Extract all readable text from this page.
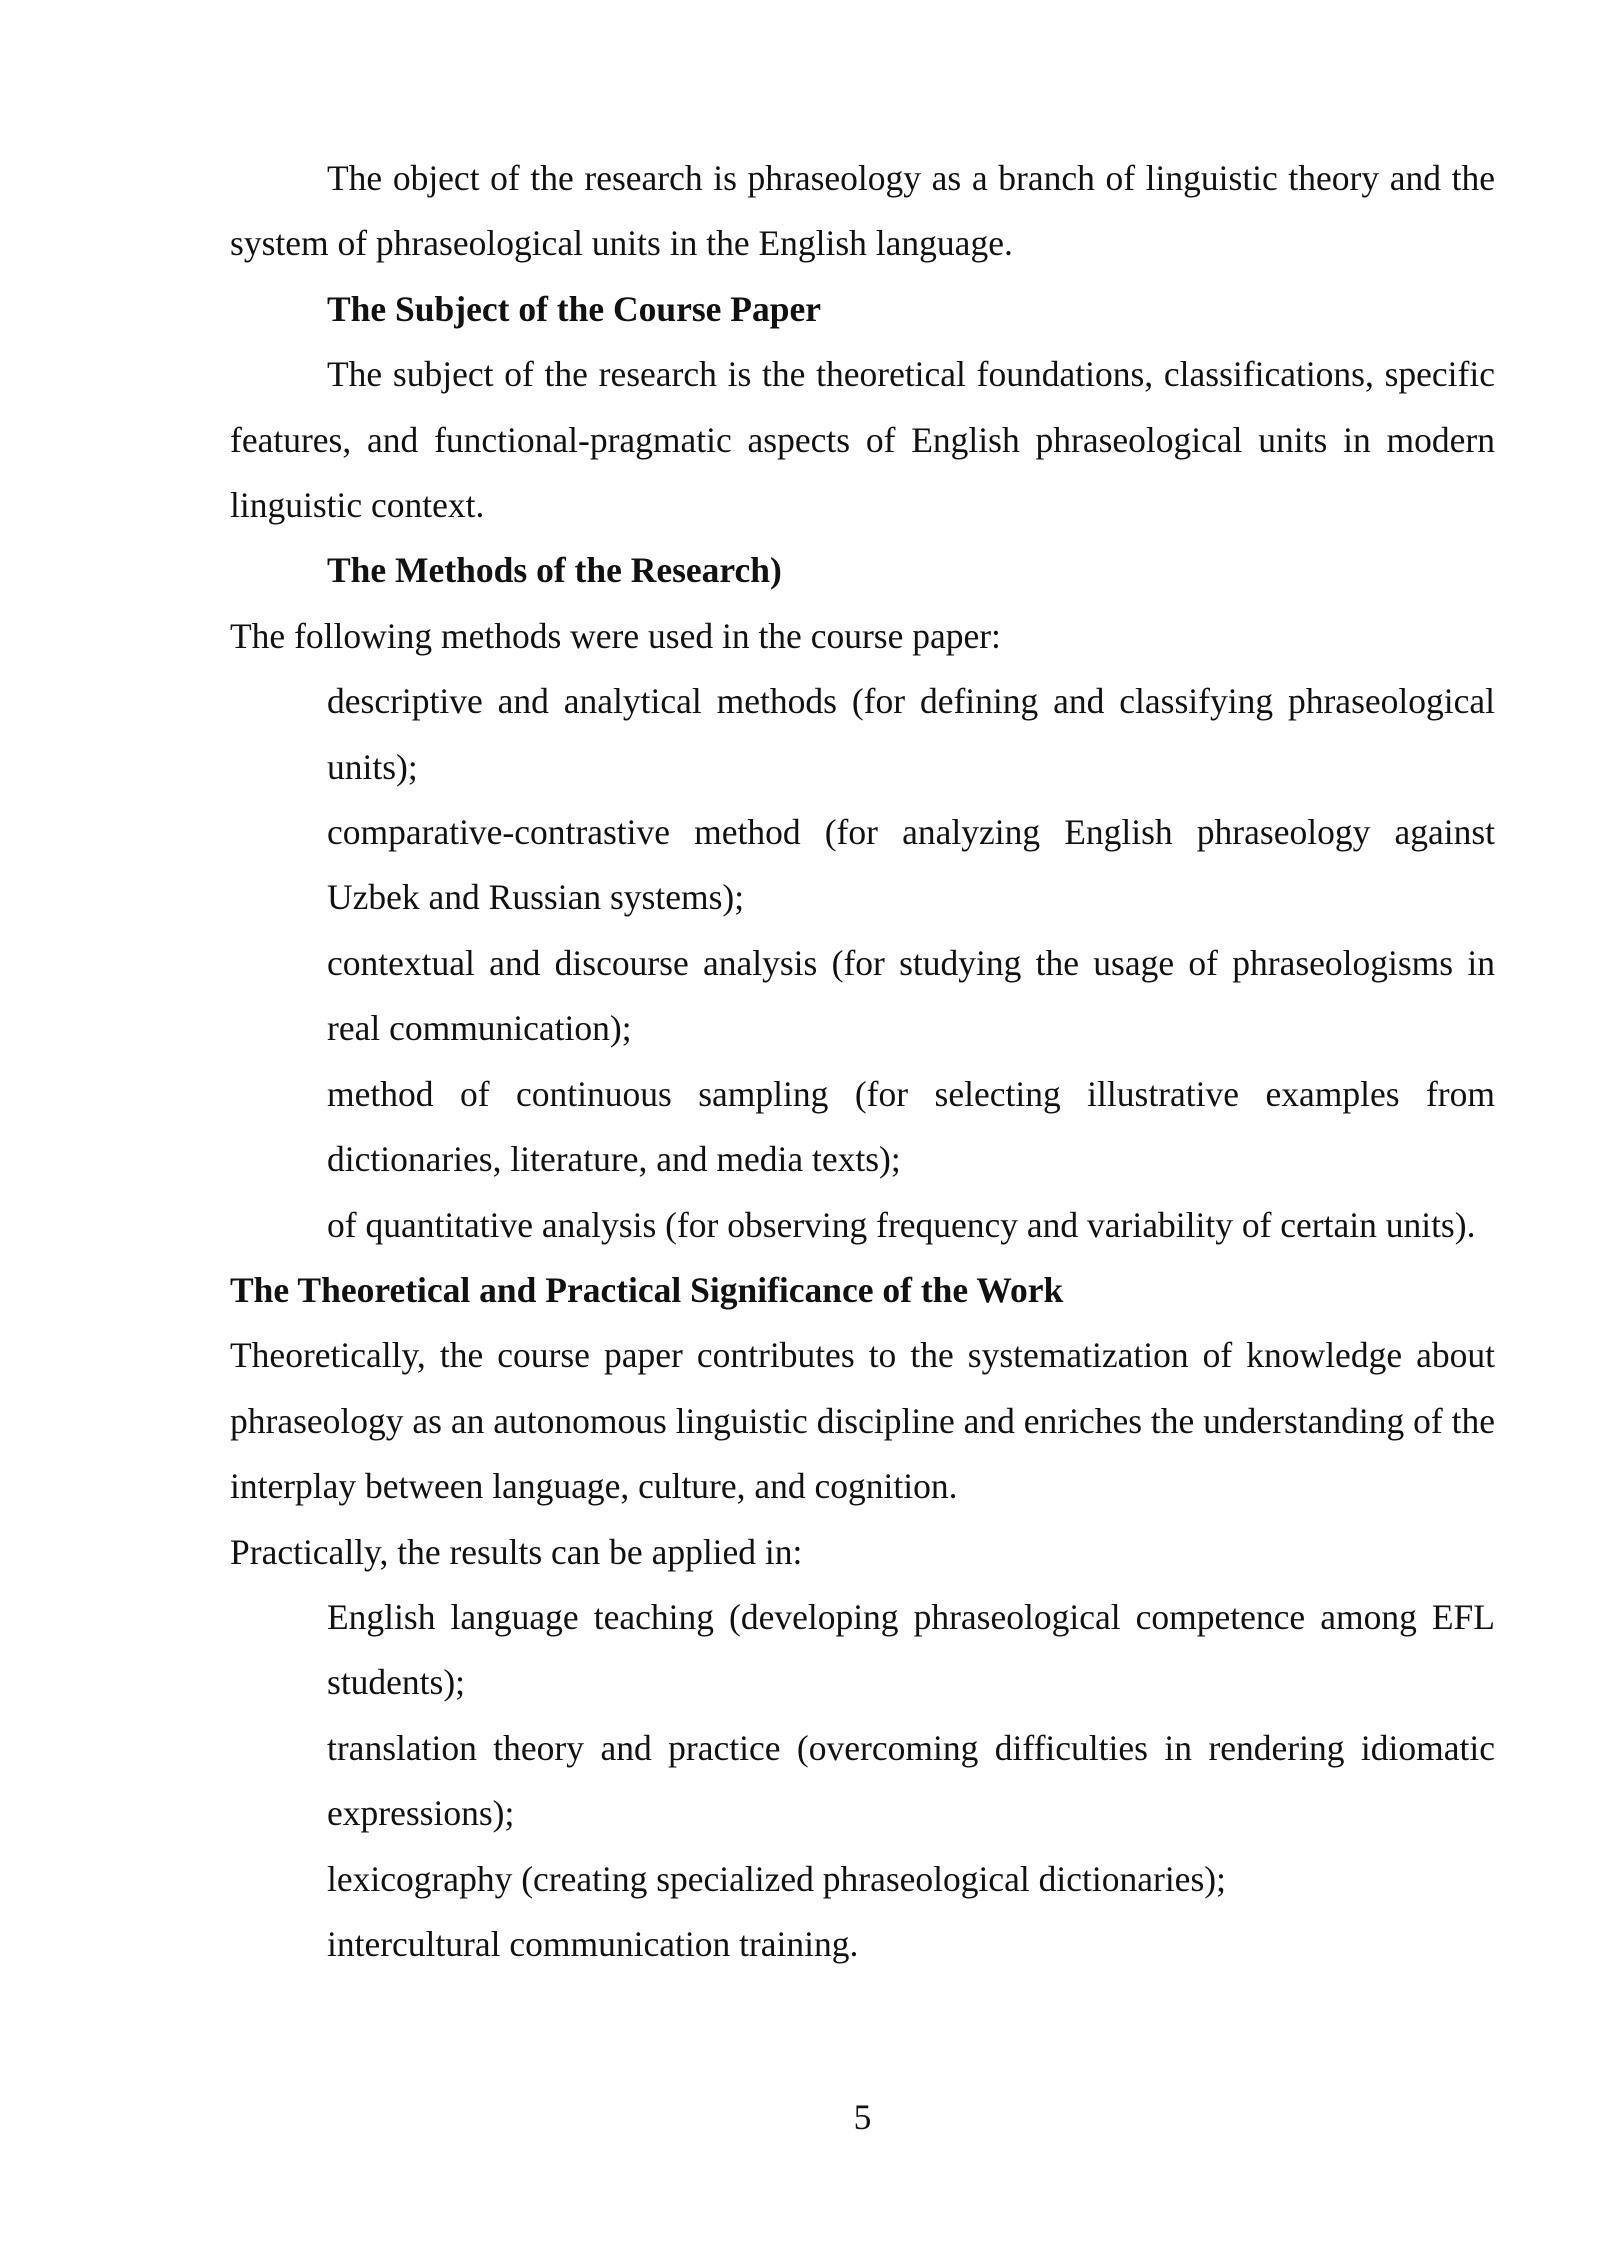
The object of the research is phraseology as a branch of linguistic theory and the system of phraseological units in the English language.

The Subject of the Course Paper

The subject of the research is the theoretical foundations, classifications, specific features, and functional-pragmatic aspects of English phraseological units in modern linguistic context.

The Methods of the Research)

The following methods were used in the course paper:

descriptive and analytical methods (for defining and classifying phraseological units);
comparative-contrastive method (for analyzing English phraseology against Uzbek and Russian systems);
contextual and discourse analysis (for studying the usage of phraseologisms in real communication);
method of continuous sampling (for selecting illustrative examples from dictionaries, literature, and media texts);
of quantitative analysis (for observing frequency and variability of certain units).

The Theoretical and Practical Significance of the Work

Theoretically, the course paper contributes to the systematization of knowledge about phraseology as an autonomous linguistic discipline and enriches the understanding of the interplay between language, culture, and cognition.

Practically, the results can be applied in:

English language teaching (developing phraseological competence among EFL students);
translation theory and practice (overcoming difficulties in rendering idiomatic expressions);
lexicography (creating specialized phraseological dictionaries);
intercultural communication training.
5
